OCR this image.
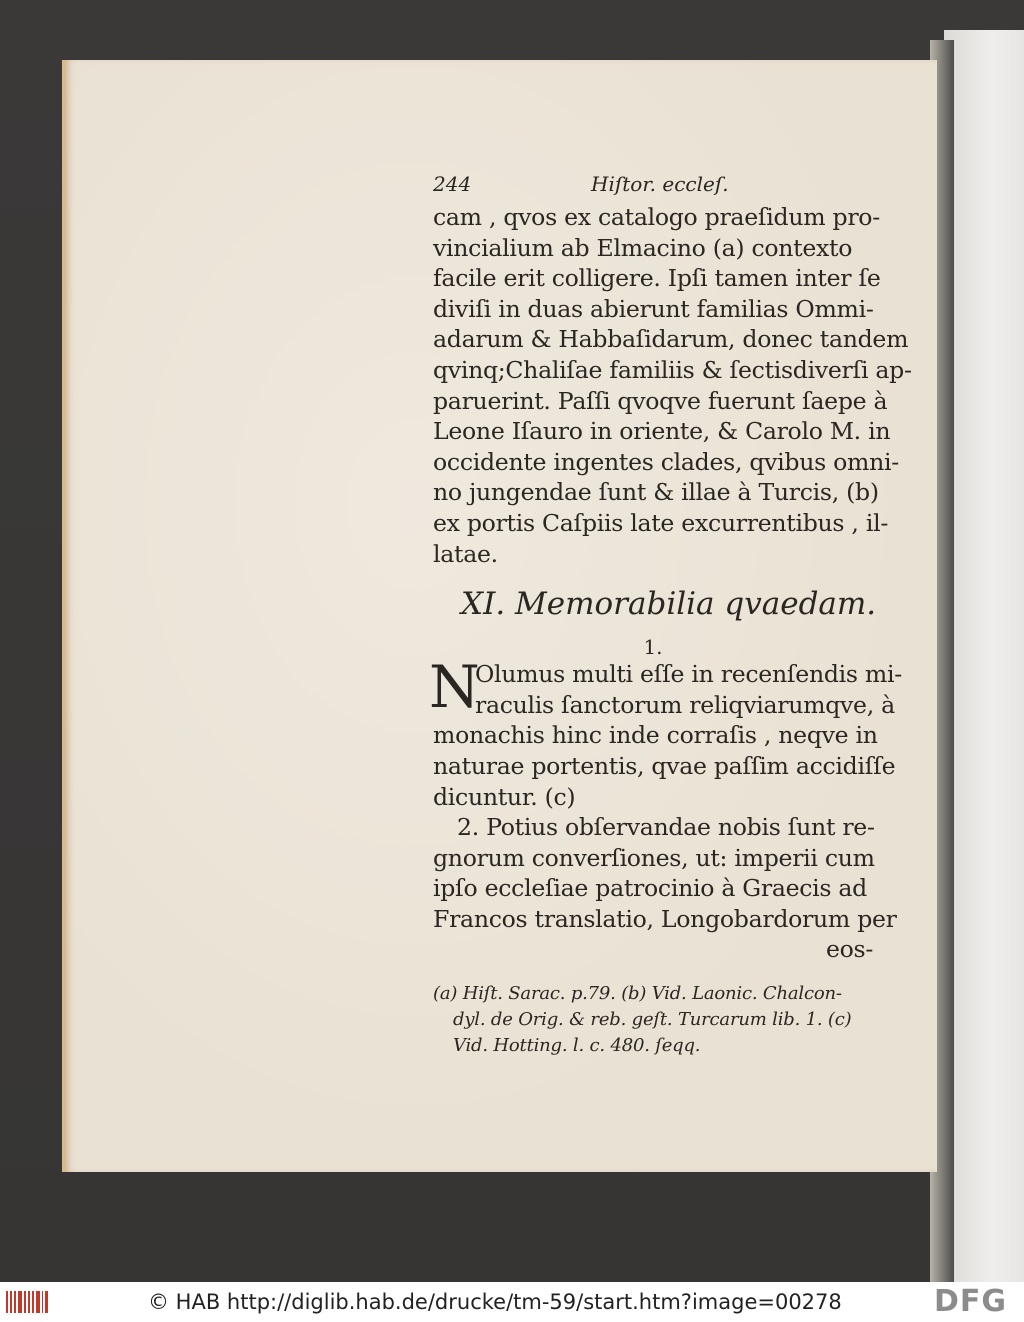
244	Hiſtor. eccleſ.
cam , qvos ex catalogo praeſidum pro-
vincialium ab Elmacino (a) contexto
facile erit colligere. Ipſi tamen inter ſe
diviſi in duas abierunt familias Ommi-
adarum & Habbaſidarum, donec tandem
qvinq;Chaliſae familiis & ſectisdiverſi ap-
paruerint. Paſſi qvoqve fuerunt ſaepe à
Leone Iſauro in oriente, & Carolo M. in
occidente ingentes clades, qvibus omni-
no jungendae ſunt & illae à Turcis, (b)
ex portis Caſpiis late excurrentibus , il-
latae.
XI. Memorabilia qvaedam.
1.
N
Olumus multi eſſe in recenſendis mi-
raculis ſanctorum reliqviarumqve, à
monachis hinc inde corraſis , neqve in
naturae portentis, qvae paſſim accidiſſe
dicuntur. (c)
2. Potius obſervandae nobis ſunt re-
gnorum converſiones, ut: imperii cum
ipſo eccleſiae patrocinio à Graecis ad
Francos translatio, Longobardorum per
eos-
(a) Hiſt. Sarac. p.79. (b) Vid. Laonic. Chalcon-
dyl. de Orig. & reb. geſt. Turcarum lib. 1. (c)
Vid. Hotting. l. c. 480. ſeqq.
© HAB http://diglib.hab.de/drucke/tm-59/start.htm?image=00278	DFG
